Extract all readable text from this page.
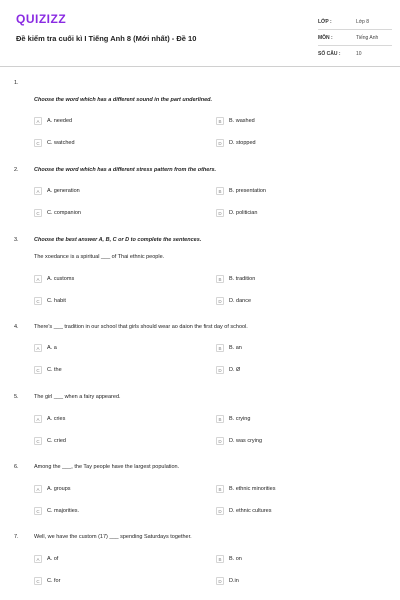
QUIZIZZ
Đề kiểm tra cuối kì I Tiếng Anh 8 (Mới nhất) - Đề 10
LỚP :	Lớp 8
MÔN :	Tiếng Anh
SỐ CÂU :	10
1.
Choose the word which has a different sound in the part underlined.
A	A. needed	B	B. washed
C	C. watched	D	D. stopped
2.	Choose the word which has a different stress pattern from the others.
A	A. generation	B	B. presentation
C	C. companion	D	D. politician
3.	Choose the best answer A, B, C or D to complete the sentences.
The xoedance is a spiritual ___ of Thai ethnic people.
A	A. customs	B	B. tradition
C	C. habit	D	D. dance
4.	There's ___ tradition in our school that girls should wear ao daion the first day of school.
A	A. a	B	B. an
C	C. the	D	D. Ø
5.	The girl ___ when a fairy appeared.
A	A. cries	B	B. crying
C	C. cried	D	D. was crying
6.	Among the ___, the Tay people have the largest population.
A	A. groups	B	B. ethnic minorities
C	C. majorities.	D	D. ethnic cultures
7.	Well, we have the custom (17) ___ spending Saturdays together.
A	A. of	B	B. on
C	C. for	D	D.in
